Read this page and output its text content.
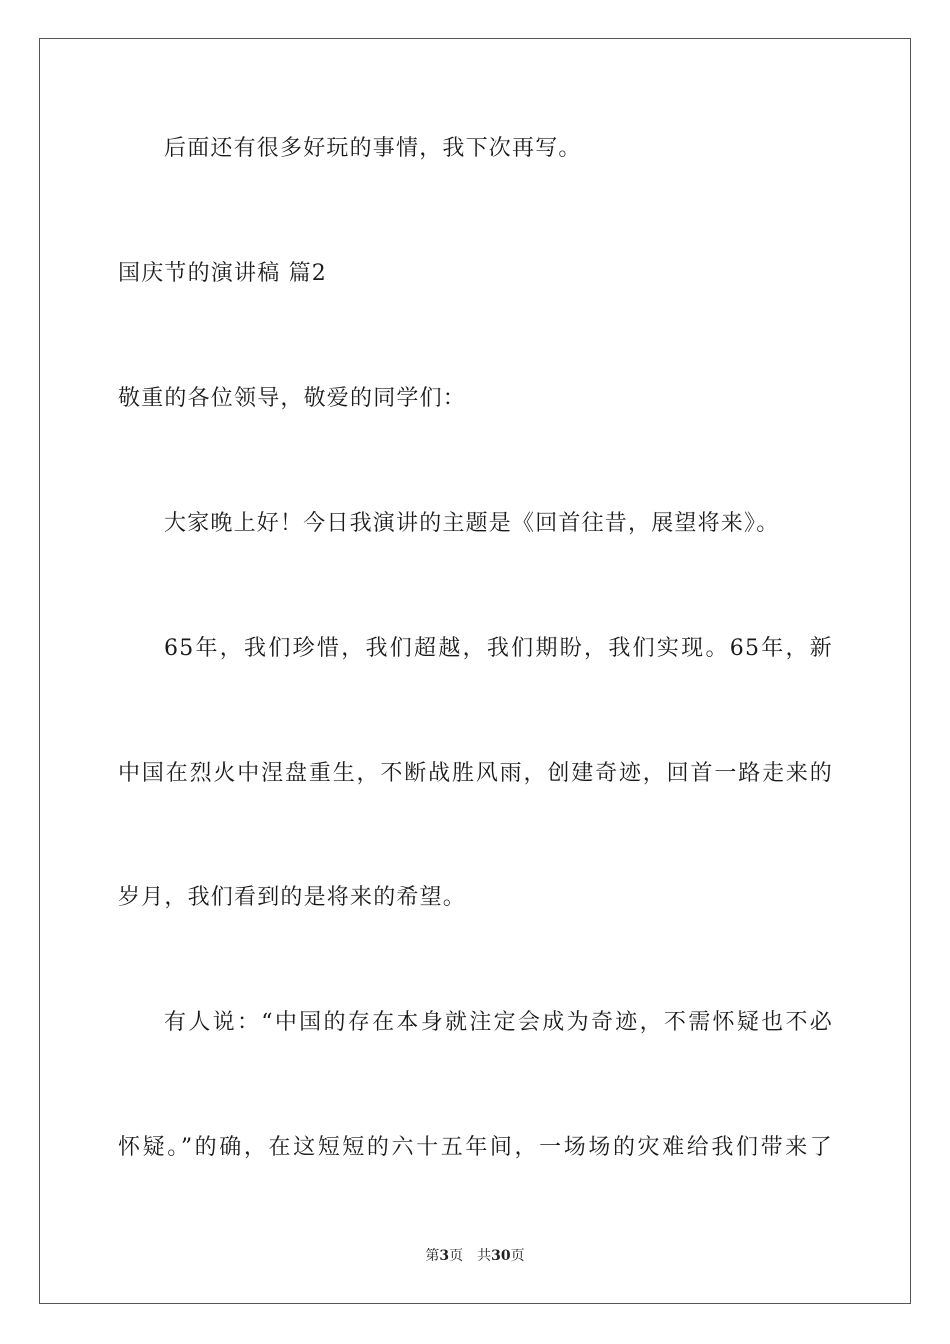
后面还有很多好玩的事情，我下次再写。
国庆节的演讲稿 篇2
敬重的各位领导，敬爱的同学们：
大家晚上好！今日我演讲的主题是《回首往昔，展望将来》。
65年，我们珍惜，我们超越，我们期盼，我们实现。65年，新
中国在烈火中涅盘重生，不断战胜风雨，创建奇迹，回首一路走来的
岁月，我们看到的是将来的希望。
有人说：“中国的存在本身就注定会成为奇迹，不需怀疑也不必
怀疑。”的确，在这短短的六十五年间，一场场的灾难给我们带来了
第3页 共30页
